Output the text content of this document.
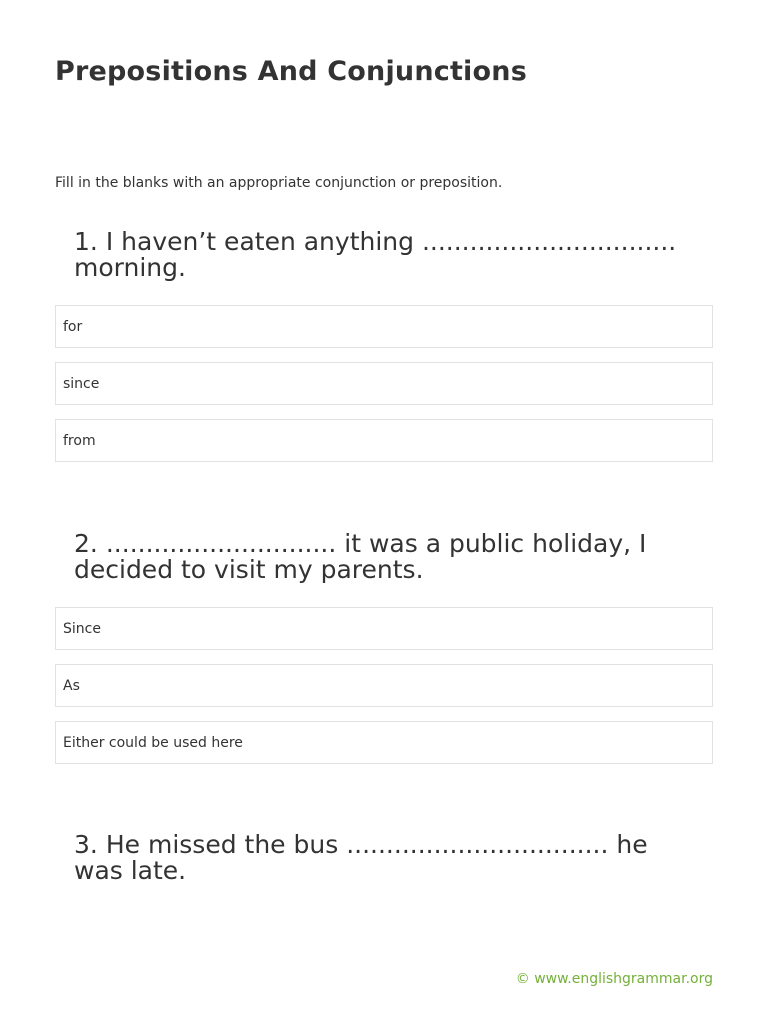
Prepositions And Conjunctions

Fill in the blanks with an appropriate conjunction or preposition.

1. I haven’t eaten anything ................................ morning.
for
since
from
2. ............................. it was a public holiday, I decided to visit my parents.
Since
As
Either could be used here
3. He missed the bus ................................. he was late.
© www.englishgrammar.org
